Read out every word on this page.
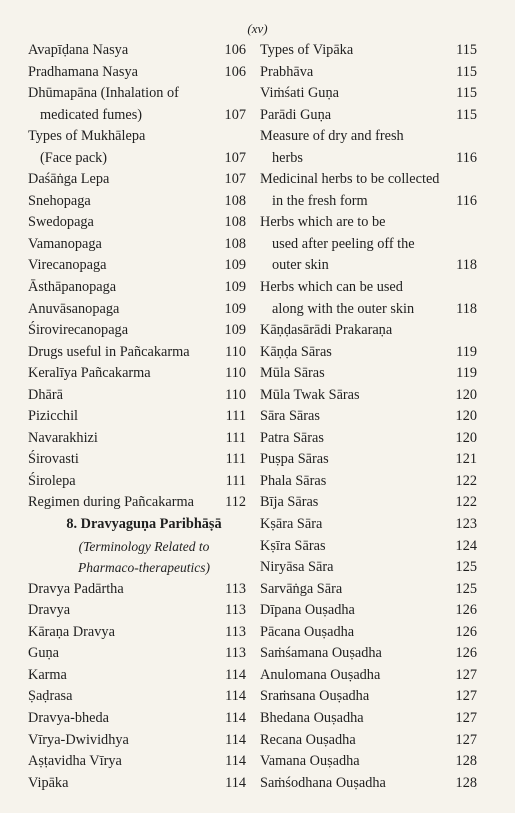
(xv)
Avapīḍana Nasya	106
Pradhamana Nasya	106
Dhūmapāna (Inhalation of
medicated fumes)	107
Types of Mukhālepa
(Face pack)	107
Daśāṅga Lepa	107
Snehopaga	108
Swedopaga	108
Vamanopaga	108
Virecanopaga	109
Āsthāpanopaga	109
Anuvāsanopaga	109
Śirovirecanopaga	109
Drugs useful in Pañcakarma 110
Keralīya Pañcakarma	110
Dhārā	110
Pizicchil	111
Navarakhizi	111
Śirovasti	111
Śirolepa	111
Regimen during Pañcakarma 112
8. Dravyaguṇa Paribhāṣā
(Terminology Related to
Pharmaco-therapeutics)
Dravya Padārtha	113
Dravya	113
Kāraṇa Dravya	113
Guṇa	113
Karma	114
Ṣaḍrasa	114
Dravya-bheda	114
Vīrya-Dwividhya	114
Aṣṭavidha Vīrya	114
Vipāka	114
Types of Vipāka	115
Prabhāva	115
Viṁśati Guṇa	115
Parādi Guṇa	115
Measure of dry and fresh
herbs	116
Medicinal herbs to be collected
in the fresh form	116
Herbs which are to be
used after peeling off the
outer skin	118
Herbs which can be used
along with the outer skin	118
Kāṇḍasārādi Prakaraṇa
Kāṇḍa Sāras	119
Mūla Sāras	119
Mūla Twak Sāras	120
Sāra Sāras	120
Patra Sāras	120
Puṣpa Sāras	121
Phala Sāras	122
Bīja Sāras	122
Kṣāra Sāra	123
Kṣīra Sāras	124
Niryāsa Sāra	125
Sarvāṅga Sāra	125
Dīpana Ouṣadha	126
Pācana Ouṣadha	126
Saṁśamana Ouṣadha	126
Anulomana Ouṣadha	127
Sraṁsana Ouṣadha	127
Bhedana Ouṣadha	127
Recana Ouṣadha	127
Vamana Ouṣadha	128
Saṁśodhana Ouṣadha	128
